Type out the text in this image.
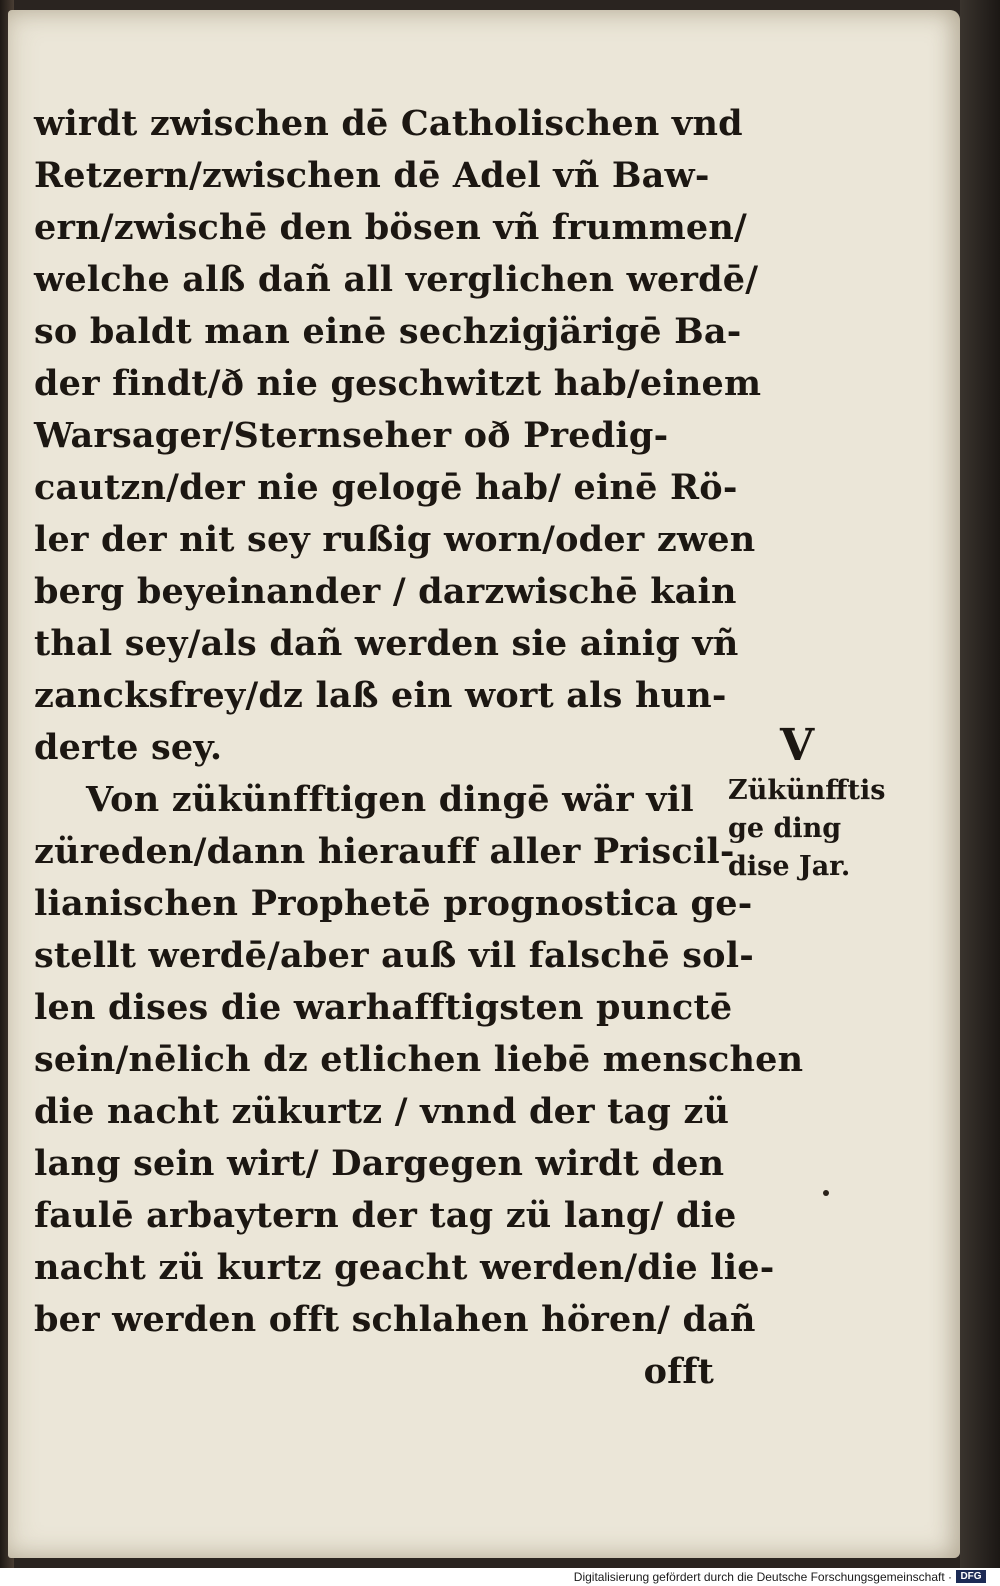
wirdt zwischen dē Catholischen vnd
Retzern/zwischen dē Adel vñ Baw-
ern/zwischē den bösen vñ frummen/
welche alß dañ all verglichen werdē/
so baldt man einē sechzigjärigē Ba-
der findt/ð nie geschwitzt hab/einem
Warsager/Sternseher oð Predig-
cautzn/der nie gelogē hab/ einē Rö-
ler der nit sey rußig worn/oder zwen
berg beyeinander / darzwischē kain
thal sey/als dañ werden sie ainig vñ
zancksfrey/dz laß ein wort als hun-
derte sey.
Von zükünfftigen dingē wär vil
züreden/dann hierauff aller Priscil-
lianischen Prophetē prognostica ge-
stellt werdē/aber auß vil falschē sol-
len dises die warhafftigsten punctē
sein/nēlich dz etlichen liebē menschen
die nacht zükurtz / vnnd der tag zü
lang sein wirt/ Dargegen wirdt den
faulē arbaytern der tag zü lang/ die
nacht zü kurtz geacht werden/die lie-
ber werden offt schlahen hören/ dañ
offt
V
Zükünfftis
ge ding
dise Jar.
Digitalisierung gefördert durch die Deutsche Forschungsgemeinschaft · DFG
